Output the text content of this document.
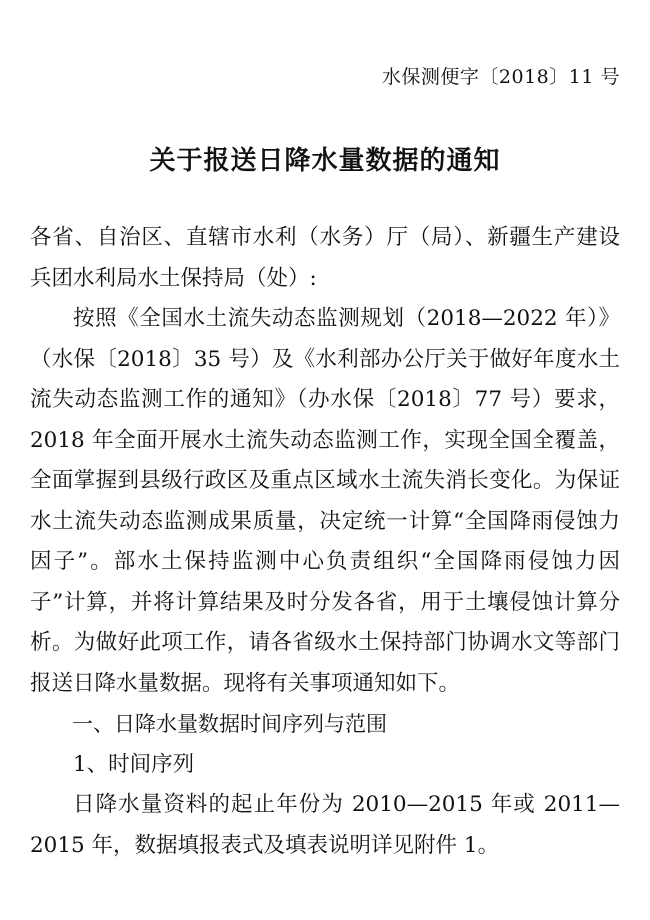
水保测便字〔2018〕11 号
关于报送日降水量数据的通知

各省、自治区、直辖市水利（水务）厅（局）、新疆生产建设兵团水利局水土保持局（处）:

按照《全国水土流失动态监测规划（2018—2022 年）》（水保〔2018〕35 号）及《水利部办公厅关于做好年度水土流失动态监测工作的通知》（办水保〔2018〕77 号）要求，2018 年全面开展水土流失动态监测工作，实现全国全覆盖，全面掌握到县级行政区及重点区域水土流失消长变化。为保证水土流失动态监测成果质量，决定统一计算“全国降雨侵蚀力因子”。部水土保持监测中心负责组织“全国降雨侵蚀力因子”计算，并将计算结果及时分发各省，用于土壤侵蚀计算分析。为做好此项工作，请各省级水土保持部门协调水文等部门报送日降水量数据。现将有关事项通知如下。

一、日降水量数据时间序列与范围

1、时间序列

日降水量资料的起止年份为 2010—2015 年或 2011—2015 年，数据填报表式及填表说明详见附件 1。
